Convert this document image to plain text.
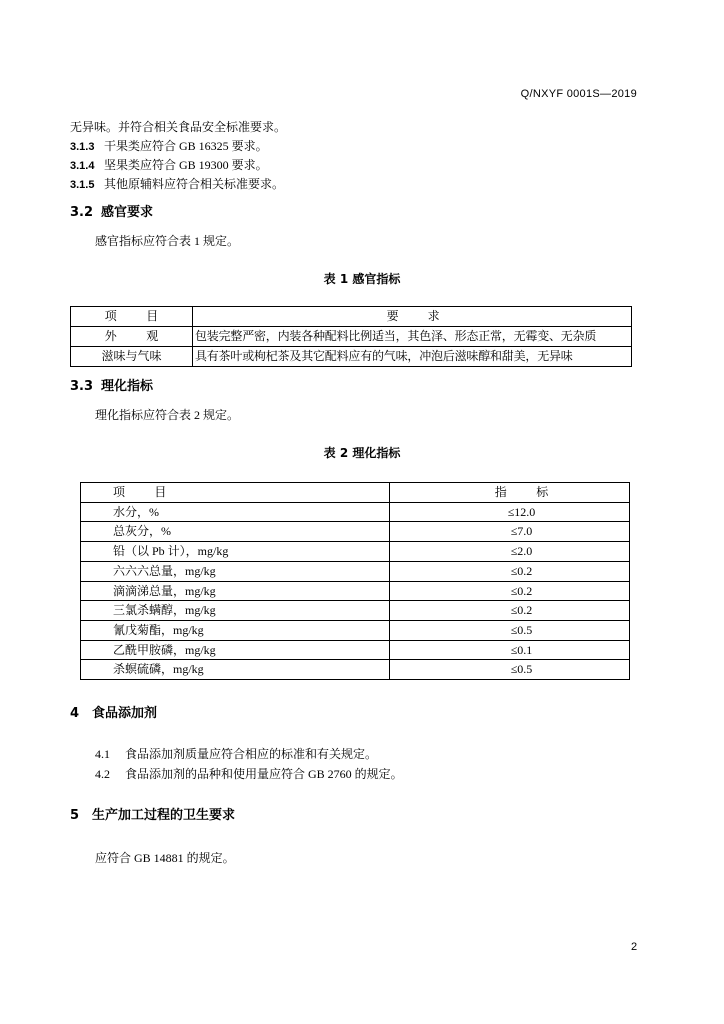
Q/NXYF 0001S—2019
无异味。并符合相关食品安全标准要求。
3.1.3 干果类应符合 GB 16325 要求。
3.1.4 坚果类应符合 GB 19300 要求。
3.1.5 其他原辅料应符合相关标准要求。
3.2 感官要求
感官指标应符合表 1 规定。
表 1 感官指标
项 目	要 求
外 观	包装完整严密，内装各种配料比例适当，其色泽、形态正常，无霉变、无杂质
滋味与气味	具有茶叶或枸杞茶及其它配料应有的气味，冲泡后滋味醇和甜美，无异味
3.3 理化指标
理化指标应符合表 2 规定。
表 2 理化指标
项 目	指 标
水分，%	≤12.0
总灰分，%	≤7.0
铅（以 Pb 计），mg/kg	≤2.0
六六六总量，mg/kg	≤0.2
滴滴涕总量，mg/kg	≤0.2
三氯杀螨醇，mg/kg	≤0.2
氰戊菊酯，mg/kg	≤0.5
乙酰甲胺磷，mg/kg	≤0.1
杀螟硫磷，mg/kg	≤0.5
4 食品添加剂
4.1 食品添加剂质量应符合相应的标准和有关规定。
4.2 食品添加剂的品种和使用量应符合 GB 2760 的规定。
5 生产加工过程的卫生要求
应符合 GB 14881 的规定。
2
